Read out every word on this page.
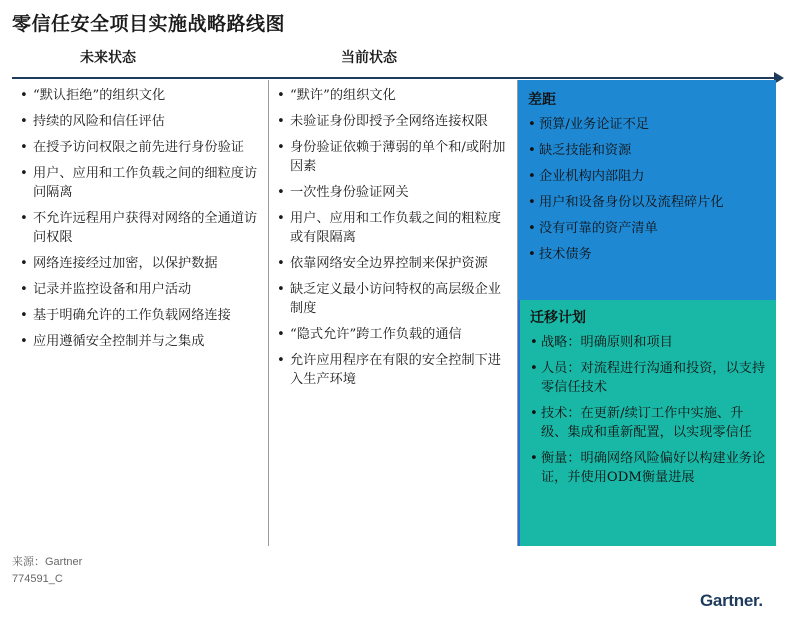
零信任安全项目实施战略路线图
未来状态	当前状态
• “默认拒绝”的组织文化
• 持续的风险和信任评估
• 在授予访问权限之前先进行身份验证
• 用户、应用和工作负载之间的细粒度访问隔离
• 不允许远程用户获得对网络的全通道访问权限
• 网络连接经过加密，以保护数据
• 记录并监控设备和用户活动
• 基于明确允许的工作负载网络连接
• 应用遵循安全控制并与之集成
• “默许”的组织文化
• 未验证身份即授予全网络连接权限
• 身份验证依赖于薄弱的单个和/或附加因素
• 一次性身份验证网关
• 用户、应用和工作负载之间的粗粒度或有限隔离
• 依靠网络安全边界控制来保护资源
• 缺乏定义最小访问特权的高层级企业制度
• “隐式允许”跨工作负载的通信
• 允许应用程序在有限的安全控制下进入生产环境
差距
• 预算/业务论证不足
• 缺乏技能和资源
• 企业机构内部阻力
• 用户和设备身份以及流程碎片化
• 没有可靠的资产清单
• 技术债务
迁移计划
• 战略：明确原则和项目
• 人员：对流程进行沟通和投资，以支持零信任技术
• 技术：在更新/续订工作中实施、升级、集成和重新配置，以实现零信任
• 衡量：明确网络风险偏好以构建业务论证，并使用ODM衡量进展
来源：Gartner
774591_C
Gartner.
